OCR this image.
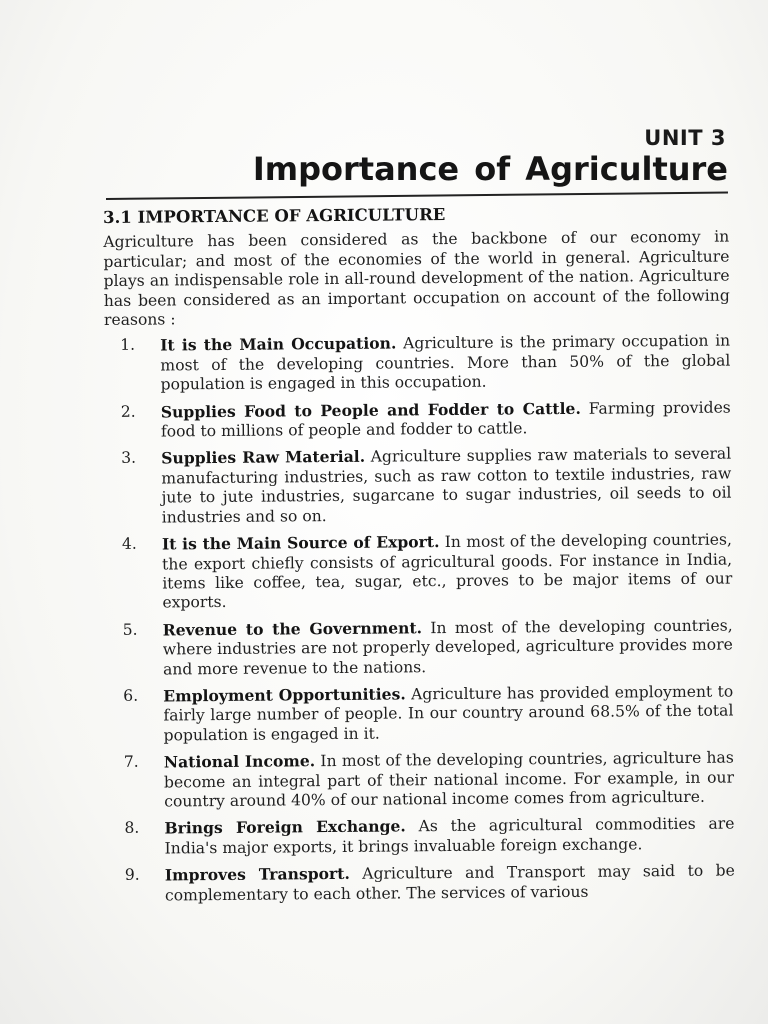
UNIT 3
Importance of Agriculture
3.1 IMPORTANCE OF AGRICULTURE

Agriculture has been considered as the backbone of our economy in particular; and most of the economies of the world in general. Agriculture plays an indispensable role in all-round development of the nation. Agriculture has been considered as an important occupation on account of the following reasons :

1.	It is the Main Occupation. Agriculture is the primary occupation in most of the developing countries. More than 50% of the global population is engaged in this occupation.
2.	Supplies Food to People and Fodder to Cattle. Farming provides food to millions of people and fodder to cattle.
3.	Supplies Raw Material. Agriculture supplies raw materials to several manufacturing industries, such as raw cotton to textile industries, raw jute to jute industries, sugarcane to sugar industries, oil seeds to oil industries and so on.
4.	It is the Main Source of Export. In most of the developing countries, the export chiefly consists of agricultural goods. For instance in India, items like coffee, tea, sugar, etc., proves to be major items of our exports.
5.	Revenue to the Government. In most of the developing countries, where industries are not properly developed, agriculture provides more and more revenue to the nations.
6.	Employment Opportunities. Agriculture has provided employment to fairly large number of people. In our country around 68.5% of the total population is engaged in it.
7.	National Income. In most of the developing countries, agriculture has become an integral part of their national income. For example, in our country around 40% of our national income comes from agriculture.
8.	Brings Foreign Exchange. As the agricultural commodities are India's major exports, it brings invaluable foreign exchange.
9.	Improves Transport. Agriculture and Transport may said to be complementary to each other. The services of various
